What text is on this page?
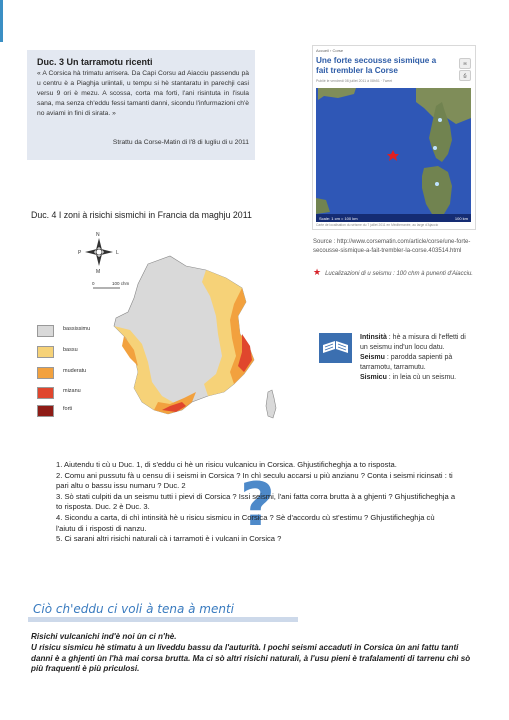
Duc. 3 Un tarramotu ricenti
« A Corsica hà trimatu arrisera. Da Capi Corsu ad Aiacciu passendu pà u centru è a Piaghja uriintali, u tempu si hè stantaratu in parechji casi versu 9 ori è mezu. A scossa, corta ma forti, l'ani risintuta in l'isula sana, ma senza ch'eddu fessi tamanti danni, sicondu l'infurmazioni ch'è no aviami in fini di sirata. »
Strattu da Corse-Matin di l'8 di lugliu di u 2011
Accueil › Corse
Une forte secousse sismique a fait trembler la Corse
Publié le vendredi 08 juillet 2011 à 08h51 · Tweet
✉
⎙
Scale: 1 cm = 100 km	100 km
Carte de localisation du séisme du 7 juillet 2011 en Méditerranée, au large d'Ajaccio
Source : http://www.corsematin.com/article/corse/une-forte-secousse-sismique-a-fait-trembler-la-corse.403514.html
★ Lucalizazioni di u seismu : 100 chm à punenti d'Aiacciu.
Duc. 4 I zoni à risichi sismichi in Francia da maghju 2011
N
M
L
P
0	100 chm
bassissimu
bassu
muderatu
mizanu
forti
Intinsità : hè a misura di l'effetti di un seismu ind'un locu datu.
Seismu : parodda sapienti pà tarramotu, tarramutu.
Sismicu : in leia cù un seismu.
?

1. Aiutendu ti cù u Duc. 1, di s'eddu ci hè un risicu vulcanicu in Corsica. Ghjustificheghja a to risposta.

2. Comu ani pussutu fà u censu di i seismi in Corsica ? In chì seculu accarsi u più anzianu ? Conta i seismi ricinsati : ti pari altu o bassu issu numaru ? Duc. 2

3. Sò stati culpiti da un seismu tutti i pievi di Corsica ? Issi seismi, l'ani fatta corra brutta à a ghjenti ? Ghjustificheghja a to risposta. Duc. 2 è Duc. 3.

4. Sicondu a carta, di chì intinsità hè u risicu sismicu in Corsica ? Sè d'accordu cù st'estimu ? Ghjustificheghja cù l'aiutu di i risposti di nanzu.

5. Ci sarani altri risichi naturali cà i tarramoti è i vulcani in Corsica ?

Ciò ch'eddu ci voli à tena à menti
Risichi vulcanichi ind'è noi ùn ci n'hè.
U risicu sismicu hè stimatu à un liveddu bassu da l'auturità. I pochi seismi accaduti in Corsica ùn ani fattu tanti danni è a ghjenti ùn l'hà mai corsa brutta. Ma ci sò altri risichi naturali, à l'usu pieni è trafalamenti di tarrenu chì sò più fraquenti è più priculosi.
